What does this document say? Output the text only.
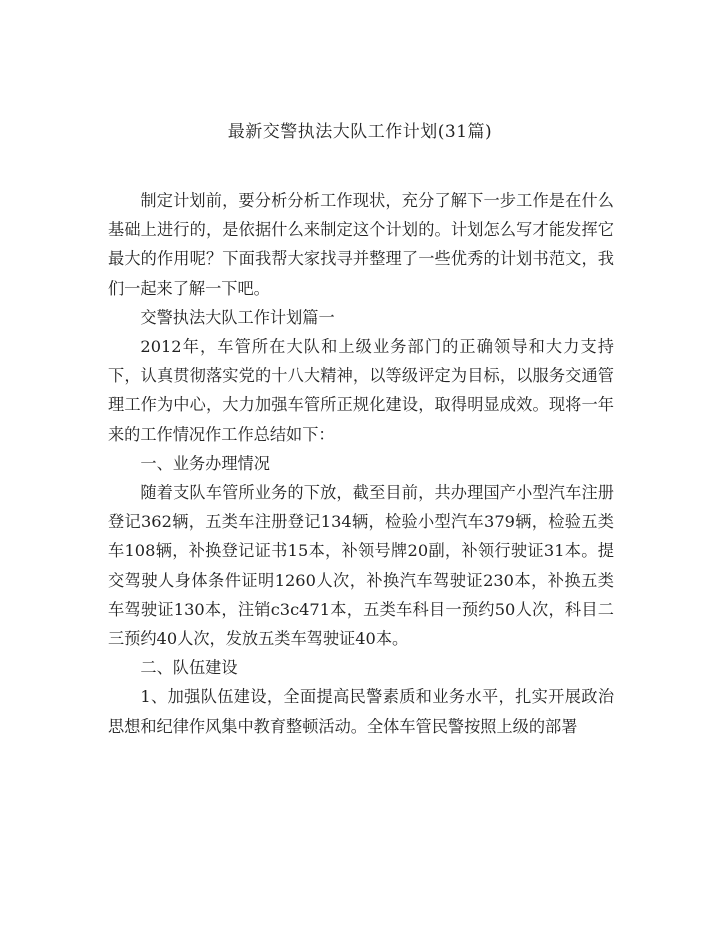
最新交警执法大队工作计划(31篇)

制定计划前，要分析分析工作现状，充分了解下一步工作是在什么基础上进行的，是依据什么来制定这个计划的。计划怎么写才能发挥它最大的作用呢？下面我帮大家找寻并整理了一些优秀的计划书范文，我们一起来了解一下吧。

交警执法大队工作计划篇一

2012年，车管所在大队和上级业务部门的正确领导和大力支持下，认真贯彻落实党的十八大精神，以等级评定为目标，以服务交通管理工作为中心，大力加强车管所正规化建设，取得明显成效。现将一年来的工作情况作工作总结如下：

一、业务办理情况

随着支队车管所业务的下放，截至目前，共办理国产小型汽车注册登记362辆，五类车注册登记134辆，检验小型汽车379辆，检验五类车108辆，补换登记证书15本，补领号牌20副，补领行驶证31本。提交驾驶人身体条件证明1260人次，补换汽车驾驶证230本，补换五类车驾驶证130本，注销c3c471本，五类车科目一预约50人次，科目二三预约40人次，发放五类车驾驶证40本。

二、队伍建设

1、加强队伍建设，全面提高民警素质和业务水平，扎实开展政治思想和纪律作风集中教育整顿活动。全体车管民警按照上级的部署
